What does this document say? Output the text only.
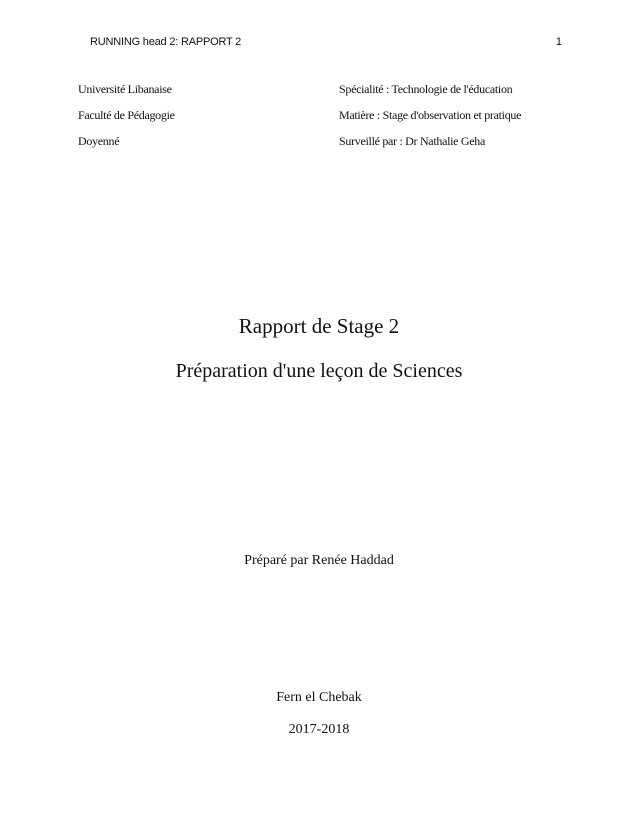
RUNNING head 2: RAPPORT 2	1
Université Libanaise
Faculté de Pédagogie
Doyenné
Spécialité : Technologie de l'éducation
Matière : Stage d'observation et pratique
Surveillé par : Dr Nathalie Geha
Rapport de Stage 2
Préparation d'une leçon de Sciences
Préparé par Renée Haddad
Fern el Chebak
2017-2018
